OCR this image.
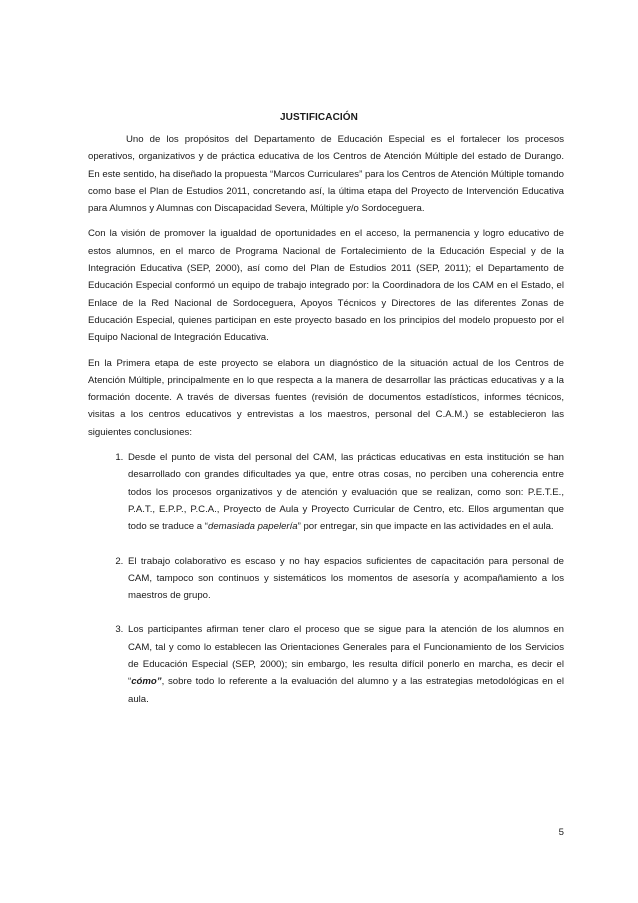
JUSTIFICACIÓN

Uno de los propósitos del Departamento de Educación Especial es el fortalecer los procesos operativos, organizativos y de práctica educativa de los Centros de Atención Múltiple del estado de Durango. En este sentido, ha diseñado la propuesta “Marcos Curriculares” para los Centros de Atención Múltiple tomando como base el Plan de Estudios 2011, concretando así, la última etapa del Proyecto de Intervención Educativa para Alumnos y Alumnas con Discapacidad Severa, Múltiple y/o Sordoceguera.

Con la visión de promover la igualdad de oportunidades en el acceso, la permanencia y logro educativo de estos alumnos, en el marco de Programa Nacional de Fortalecimiento de la Educación Especial y de la Integración Educativa (SEP, 2000), así como del Plan de Estudios 2011 (SEP, 2011); el Departamento de Educación Especial conformó un equipo de trabajo integrado por: la Coordinadora de los CAM en el Estado, el Enlace de la Red Nacional de Sordoceguera, Apoyos Técnicos y Directores de las diferentes Zonas de Educación Especial, quienes participan en este proyecto basado en los principios del modelo propuesto por el Equipo Nacional de Integración Educativa.

En la Primera etapa de este proyecto se elabora un diagnóstico de la situación actual de los Centros de Atención Múltiple, principalmente en lo que respecta a la manera de desarrollar las prácticas educativas y a la formación docente. A través de diversas fuentes (revisión de documentos estadísticos, informes técnicos, visitas a los centros educativos y entrevistas a los maestros, personal del C.A.M.) se establecieron las siguientes conclusiones:

1. Desde el punto de vista del personal del CAM, las prácticas educativas en esta institución se han desarrollado con grandes dificultades ya que, entre otras cosas, no perciben una coherencia entre todos los procesos organizativos y de atención y evaluación que se realizan, como son: P.E.T.E., P.A.T., E.P.P., P.C.A., Proyecto de Aula y Proyecto Curricular de Centro, etc. Ellos argumentan que todo se traduce a “demasiada papelería” por entregar, sin que impacte en las actividades en el aula.
2. El trabajo colaborativo es escaso y no hay espacios suficientes de capacitación para personal de CAM, tampoco son continuos y sistemáticos los momentos de asesoría y acompañamiento a los maestros de grupo.
3. Los participantes afirman tener claro el proceso que se sigue para la atención de los alumnos en CAM, tal y como lo establecen las Orientaciones Generales para el Funcionamiento de los Servicios de Educación Especial (SEP, 2000); sin embargo, les resulta difícil ponerlo en marcha, es decir el “cómo”, sobre todo lo referente a la evaluación del alumno y a las estrategias metodológicas en el aula.
5
